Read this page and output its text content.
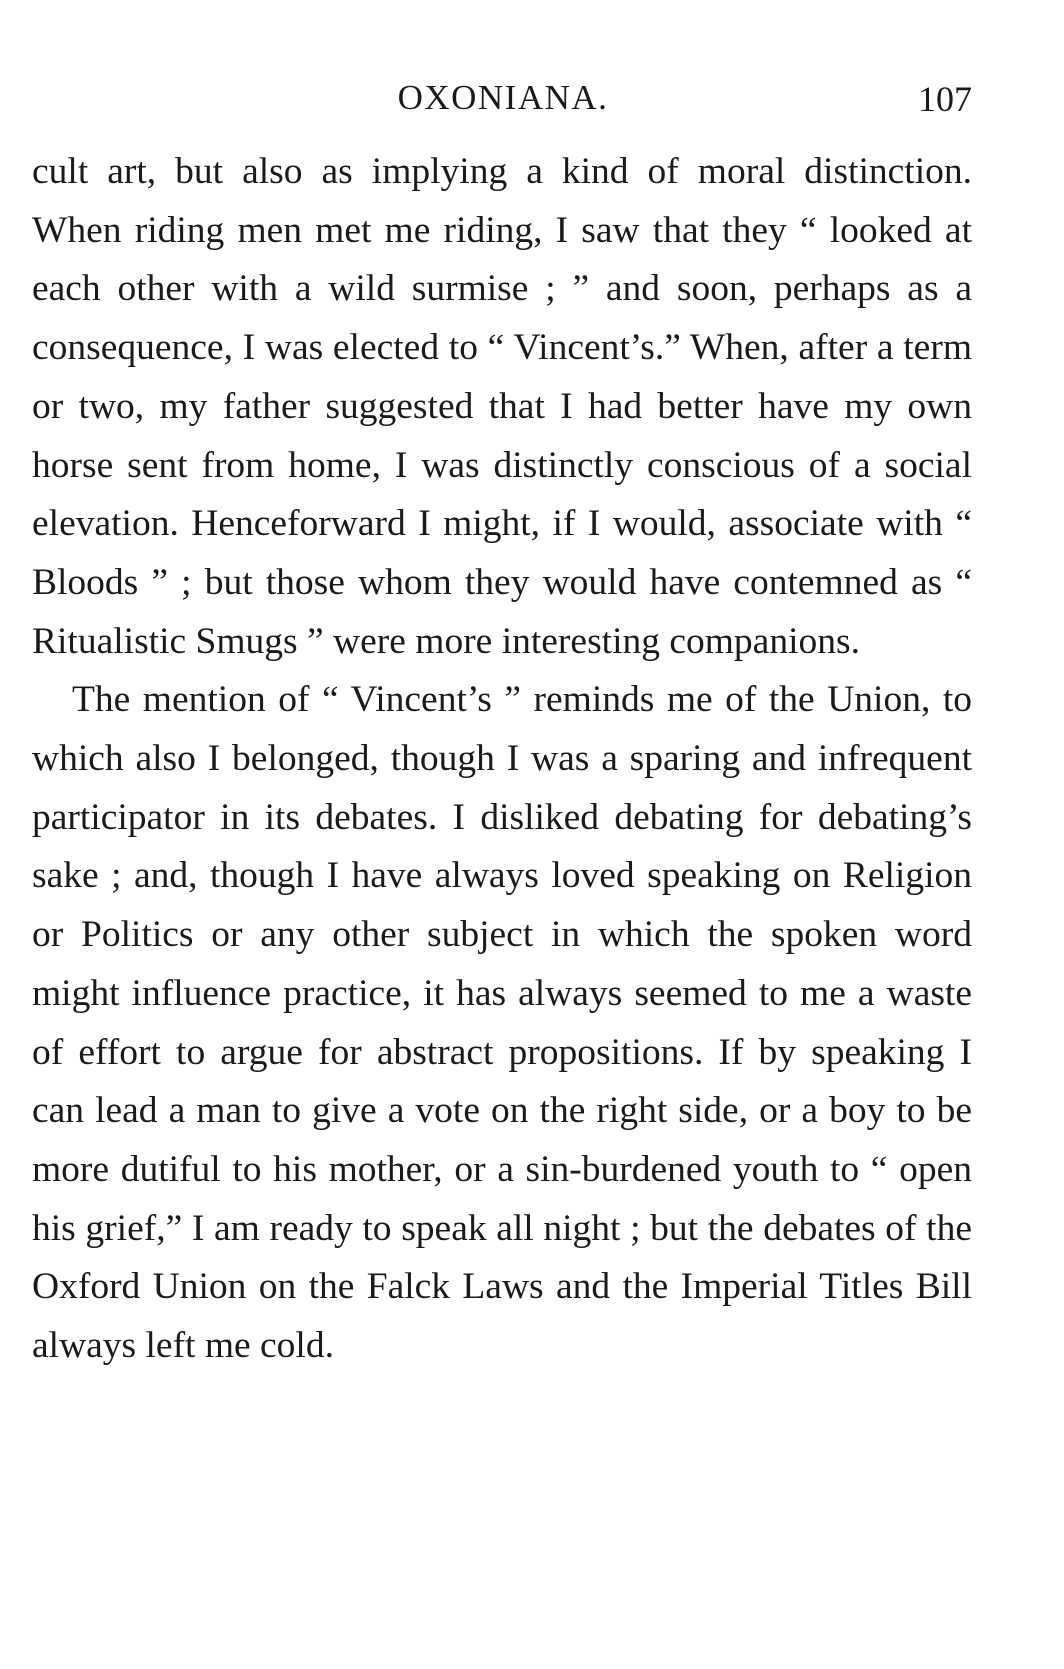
OXONIANA.	107

cult art, but also as implying a kind of moral distinction. When riding men met me riding, I saw that they “ looked at each other with a wild surmise ; ” and soon, perhaps as a consequence, I was elected to “ Vincent’s.” When, after a term or two, my father suggested that I had better have my own horse sent from home, I was distinctly conscious of a social elevation. Henceforward I might, if I would, associate with “ Bloods ” ; but those whom they would have contemned as “ Ritualistic Smugs ” were more interesting companions.

The mention of “ Vincent’s ” reminds me of the Union, to which also I belonged, though I was a sparing and infrequent participator in its debates. I disliked debating for debating’s sake ; and, though I have always loved speaking on Religion or Politics or any other subject in which the spoken word might influence practice, it has always seemed to me a waste of effort to argue for abstract propositions. If by speaking I can lead a man to give a vote on the right side, or a boy to be more dutiful to his mother, or a sin-burdened youth to “ open his grief,” I am ready to speak all night ; but the debates of the Oxford Union on the Falck Laws and the Imperial Titles Bill always left me cold.
